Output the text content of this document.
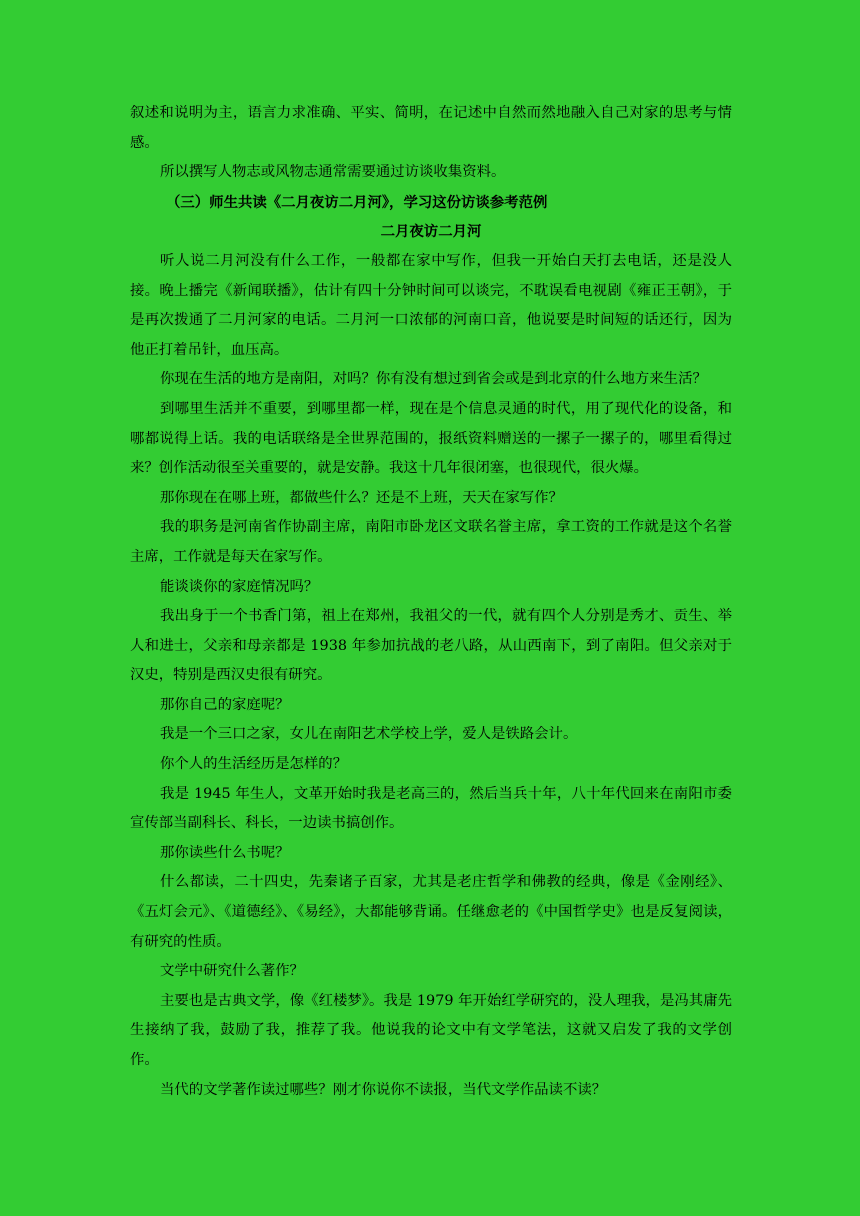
叙述和说明为主，语言力求准确、平实、简明，在记述中自然而然地融入自己对家的思考与情感。

所以撰写人物志或风物志通常需要通过访谈收集资料。

（三）师生共读《二月夜访二月河》，学习这份访谈参考范例

二月夜访二月河

听人说二月河没有什么工作，一般都在家中写作，但我一开始白天打去电话，还是没人接。晚上播完《新闻联播》，估计有四十分钟时间可以谈完，不耽误看电视剧《雍正王朝》，于是再次拨通了二月河家的电话。二月河一口浓郁的河南口音，他说要是时间短的话还行，因为他正打着吊针，血压高。

你现在生活的地方是南阳，对吗？你有没有想过到省会或是到北京的什么地方来生活？

到哪里生活并不重要，到哪里都一样，现在是个信息灵通的时代，用了现代化的设备，和哪都说得上话。我的电话联络是全世界范围的，报纸资料赠送的一摞子一摞子的，哪里看得过来？创作活动很至关重要的，就是安静。我这十几年很闭塞，也很现代，很火爆。

那你现在在哪上班，都做些什么？还是不上班，天天在家写作？

我的职务是河南省作协副主席，南阳市卧龙区文联名誉主席，拿工资的工作就是这个名誉主席，工作就是每天在家写作。

能谈谈你的家庭情况吗？

我出身于一个书香门第，祖上在郑州，我祖父的一代，就有四个人分别是秀才、贡生、举人和进士，父亲和母亲都是 1938 年参加抗战的老八路，从山西南下，到了南阳。但父亲对于汉史，特别是西汉史很有研究。

那你自己的家庭呢？

我是一个三口之家，女儿在南阳艺术学校上学，爱人是铁路会计。

你个人的生活经历是怎样的？

我是 1945 年生人，文革开始时我是老高三的，然后当兵十年，八十年代回来在南阳市委宣传部当副科长、科长，一边读书搞创作。

那你读些什么书呢？

什么都读，二十四史，先秦诸子百家，尤其是老庄哲学和佛教的经典，像是《金刚经》、《五灯会元》、《道德经》、《易经》，大都能够背诵。任继愈老的《中国哲学史》也是反复阅读，有研究的性质。

文学中研究什么著作？

主要也是古典文学，像《红楼梦》。我是 1979 年开始红学研究的，没人理我，是冯其庸先生接纳了我，鼓励了我，推荐了我。他说我的论文中有文学笔法，这就又启发了我的文学创作。

当代的文学著作读过哪些？刚才你说你不读报，当代文学作品读不读？
